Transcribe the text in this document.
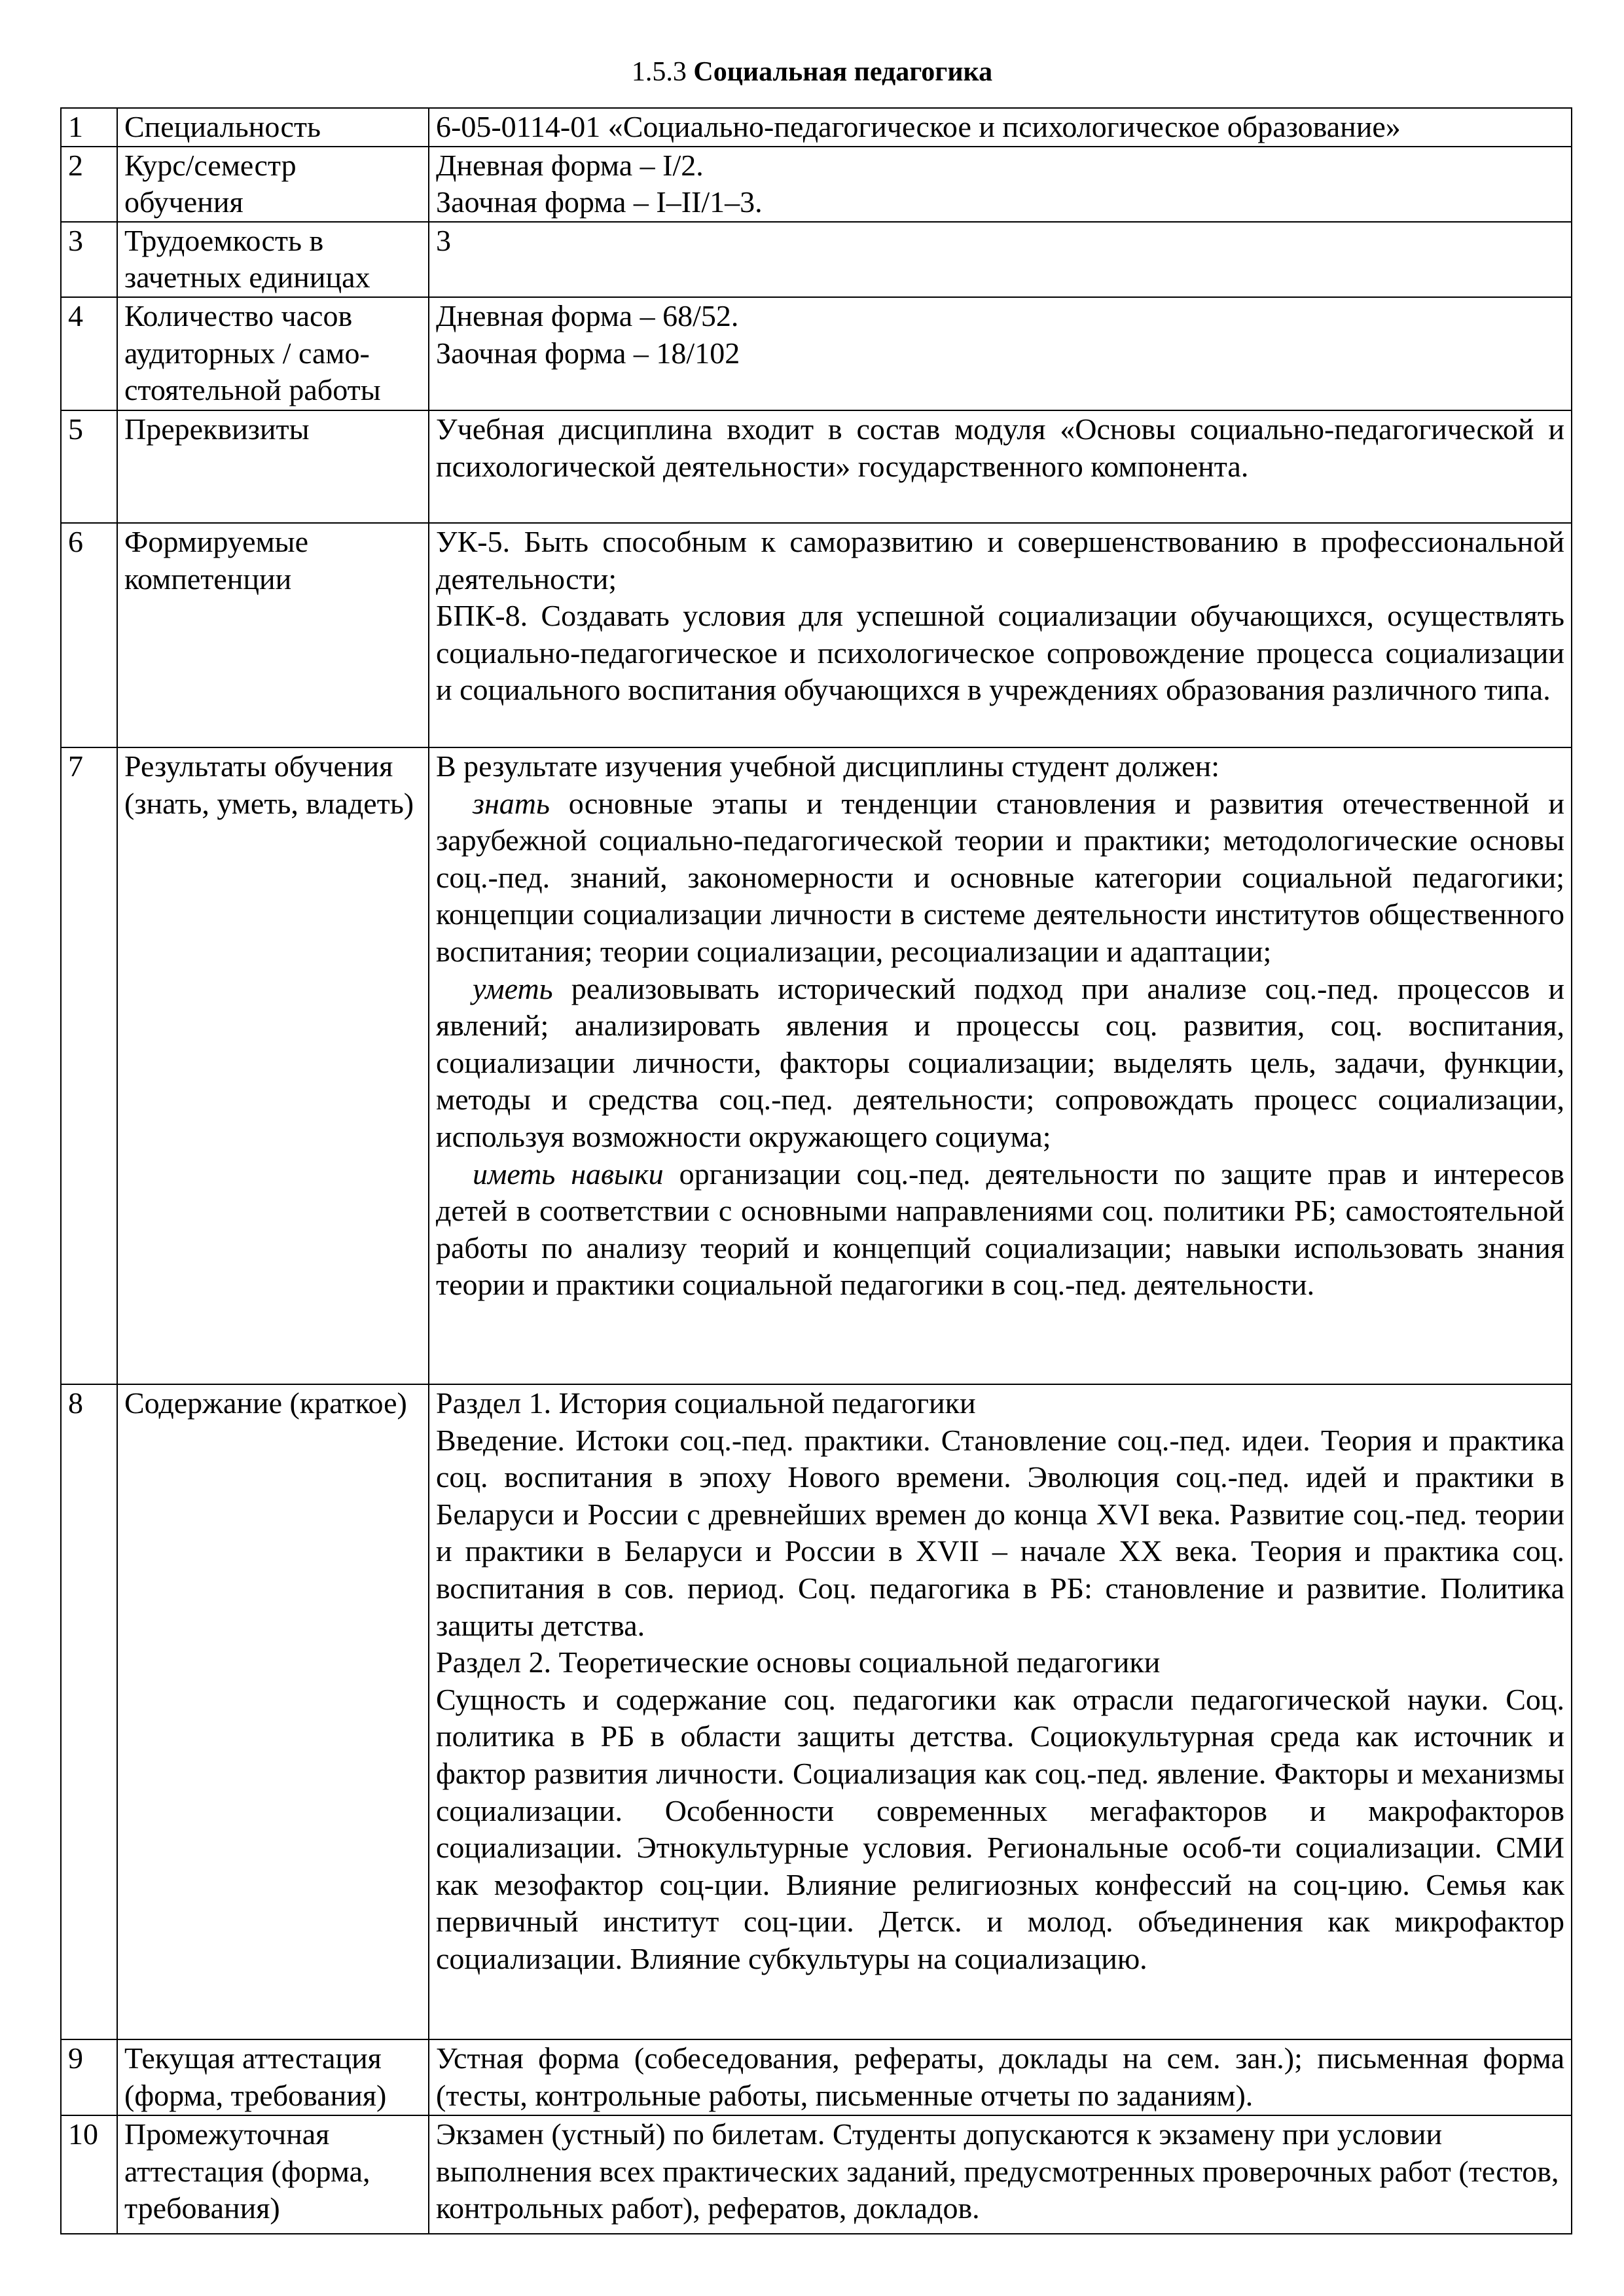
1.5.3 Социальная педагогика
1	Специальность	6-05-0114-01 «Социально-педагогическое и психологическое образование»
2	Курс/семестр обучения	Дневная форма – I/2.
Заочная форма – I–II/1–3.

3	Трудоемкость в зачетных единицах	3
4	Количество часов аудиторных / само-стоятельной работы	Дневная форма – 68/52.
Заочная форма – 18/102

5	Пререквизиты	Учебная дисциплина входит в состав модуля «Основы социально-педагогической и психологической деятельности» государственного компонента.
6	Формируемые компетенции	УК-5. Быть способным к саморазвитию и совершенствованию в профессиональной деятельности;
БПК-8. Создавать условия для успешной социализации обучающихся, осуществлять социально-педагогическое и психологическое сопровождение процесса социализации и социального воспитания обучающихся в учреждениях образования различного типа.

7	Результаты обучения (знать, уметь, владеть)	В результате изучения учебной дисциплины студент должен:
знать основные этапы и тенденции становления и развития отечественной и зарубежной социально-педагогической теории и практики; методологические основы соц.-пед. знаний, закономерности и основные категории социальной педагогики; концепции социализации личности в системе деятельности институтов общественного воспитания; теории социализации, ресоциализации и адаптации;
уметь реализовывать исторический подход при анализе соц.-пед. процессов и явлений; анализировать явления и процессы соц. развития, соц. воспитания, социализации личности, факторы социализации; выделять цель, задачи, функции, методы и средства соц.-пед. деятельности; сопровождать процесс социализации, используя возможности окружающего социума;
иметь навыки организации соц.-пед. деятельности по защите прав и интересов детей в соответствии с основными направлениями соц. политики РБ; самостоятельной работы по анализу теорий и концепций социализации; навыки использовать знания теории и практики социальной педагогики в соц.-пед. деятельности.

8	Содержание (краткое)	Раздел 1. История социальной педагогики
Введение. Истоки соц.-пед. практики. Становление соц.-пед. идеи. Теория и практика соц. воспитания в эпоху Нового времени. Эволюция соц.-пед. идей и практики в Беларуси и России с древнейших времен до конца XVI века. Развитие соц.-пед. теории и практики в Беларуси и России в XVII – начале XX века. Теория и практика соц. воспитания в сов. период. Соц. педагогика в РБ: становление и развитие. Политика защиты детства.
Раздел 2. Теоретические основы социальной педагогики
Сущность и содержание соц. педагогики как отрасли педагогической науки. Соц. политика в РБ в области защиты детства. Социокультурная среда как источник и фактор развития личности. Социализация как соц.-пед. явление. Факторы и механизмы социализации. Особенности современных мегафакторов и макрофакторов социализации. Этнокультурные условия. Региональные особ-ти социализации. СМИ как мезофактор соц-ции. Влияние религиозных конфессий на соц-цию. Семья как первичный институт соц-ции. Детск. и молод. объединения как микрофактор социализации. Влияние субкультуры на социализацию.

9	Текущая аттестация (форма, требования)	Устная форма (собеседования, рефераты, доклады на сем. зан.); письменная форма (тесты, контрольные работы, письменные отчеты по заданиям).
10	Промежуточная аттестация (форма, требования)	Экзамен (устный) по билетам. Студенты допускаются к экзамену при условии выполнения всех практических заданий, предусмотренных проверочных работ (тестов, контрольных работ), рефератов, докладов.
